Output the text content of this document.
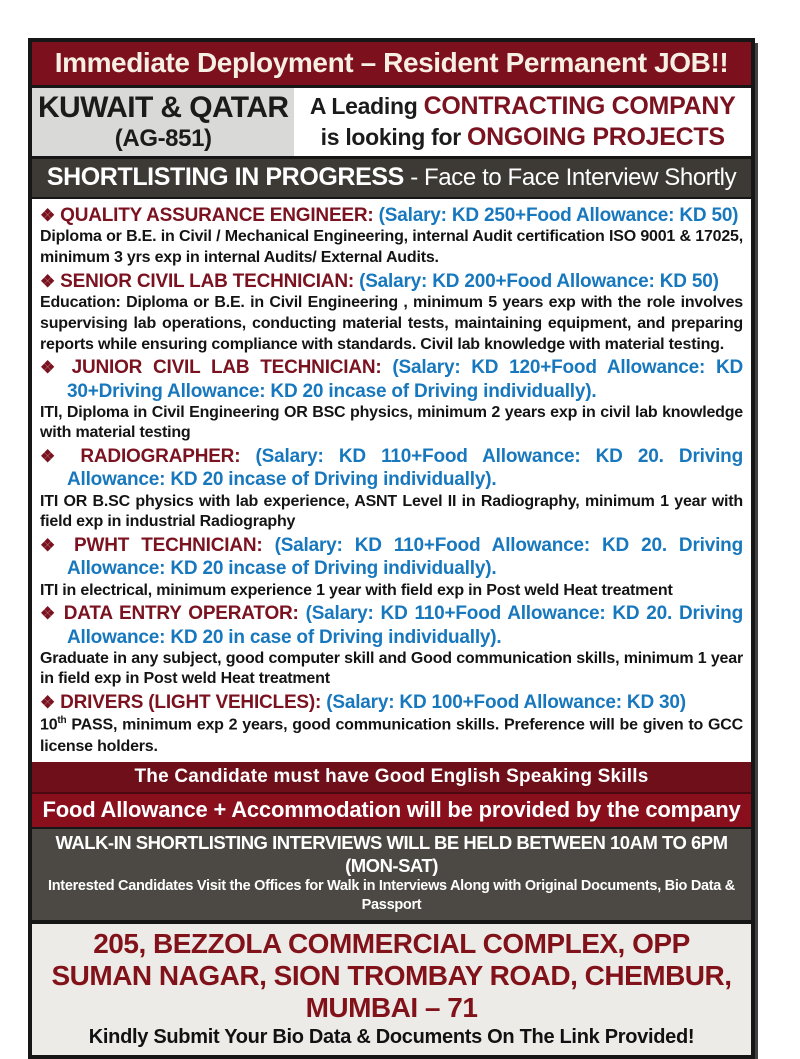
Immediate Deployment – Resident Permanent JOB!!
KUWAIT & QATAR
(AG-851)
A Leading CONTRACTING COMPANY
is looking for ONGOING PROJECTS
SHORTLISTING IN PROGRESS - Face to Face Interview Shortly

❖ QUALITY ASSURANCE ENGINEER: (Salary: KD 250+Food Allowance: KD 50)

Diploma or B.E. in Civil / Mechanical Engineering, internal Audit certification ISO 9001 & 17025, minimum 3 yrs exp in internal Audits/ External Audits.

❖ SENIOR CIVIL LAB TECHNICIAN: (Salary: KD 200+Food Allowance: KD 50)

Education: Diploma or B.E. in Civil Engineering , minimum 5 years exp with the role involves supervising lab operations, conducting material tests, maintaining equipment, and preparing reports while ensuring compliance with standards. Civil lab knowledge with material testing.

❖ JUNIOR CIVIL LAB TECHNICIAN: (Salary: KD 120+Food Allowance: KD 30+Driving Allowance: KD 20 incase of Driving individually).

ITI, Diploma in Civil Engineering OR BSC physics, minimum 2 years exp in civil lab knowledge with material testing

❖ RADIOGRAPHER: (Salary: KD 110+Food Allowance: KD 20. Driving Allowance: KD 20 incase of Driving individually).

ITI OR B.SC physics with lab experience, ASNT Level II in Radiography, minimum 1 year with field exp in industrial Radiography

❖ PWHT TECHNICIAN: (Salary: KD 110+Food Allowance: KD 20. Driving Allowance: KD 20 incase of Driving individually).

ITI in electrical, minimum experience 1 year with field exp in Post weld Heat treatment

❖ DATA ENTRY OPERATOR: (Salary: KD 110+Food Allowance: KD 20. Driving Allowance: KD 20 in case of Driving individually).

Graduate in any subject, good computer skill and Good communication skills, minimum 1 year in field exp in Post weld Heat treatment

❖ DRIVERS (LIGHT VEHICLES): (Salary: KD 100+Food Allowance: KD 30)

10th PASS, minimum exp 2 years, good communication skills. Preference will be given to GCC license holders.

The Candidate must have Good English Speaking Skills
Food Allowance + Accommodation will be provided by the company
WALK-IN SHORTLISTING INTERVIEWS WILL BE HELD BETWEEN 10AM TO 6PM (MON-SAT)
Interested Candidates Visit the Offices for Walk in Interviews Along with Original Documents, Bio Data & Passport
205, BEZZOLA COMMERCIAL COMPLEX, OPP SUMAN NAGAR, SION TROMBAY ROAD, CHEMBUR, MUMBAI – 71
Kindly Submit Your Bio Data & Documents On The Link Provided!
